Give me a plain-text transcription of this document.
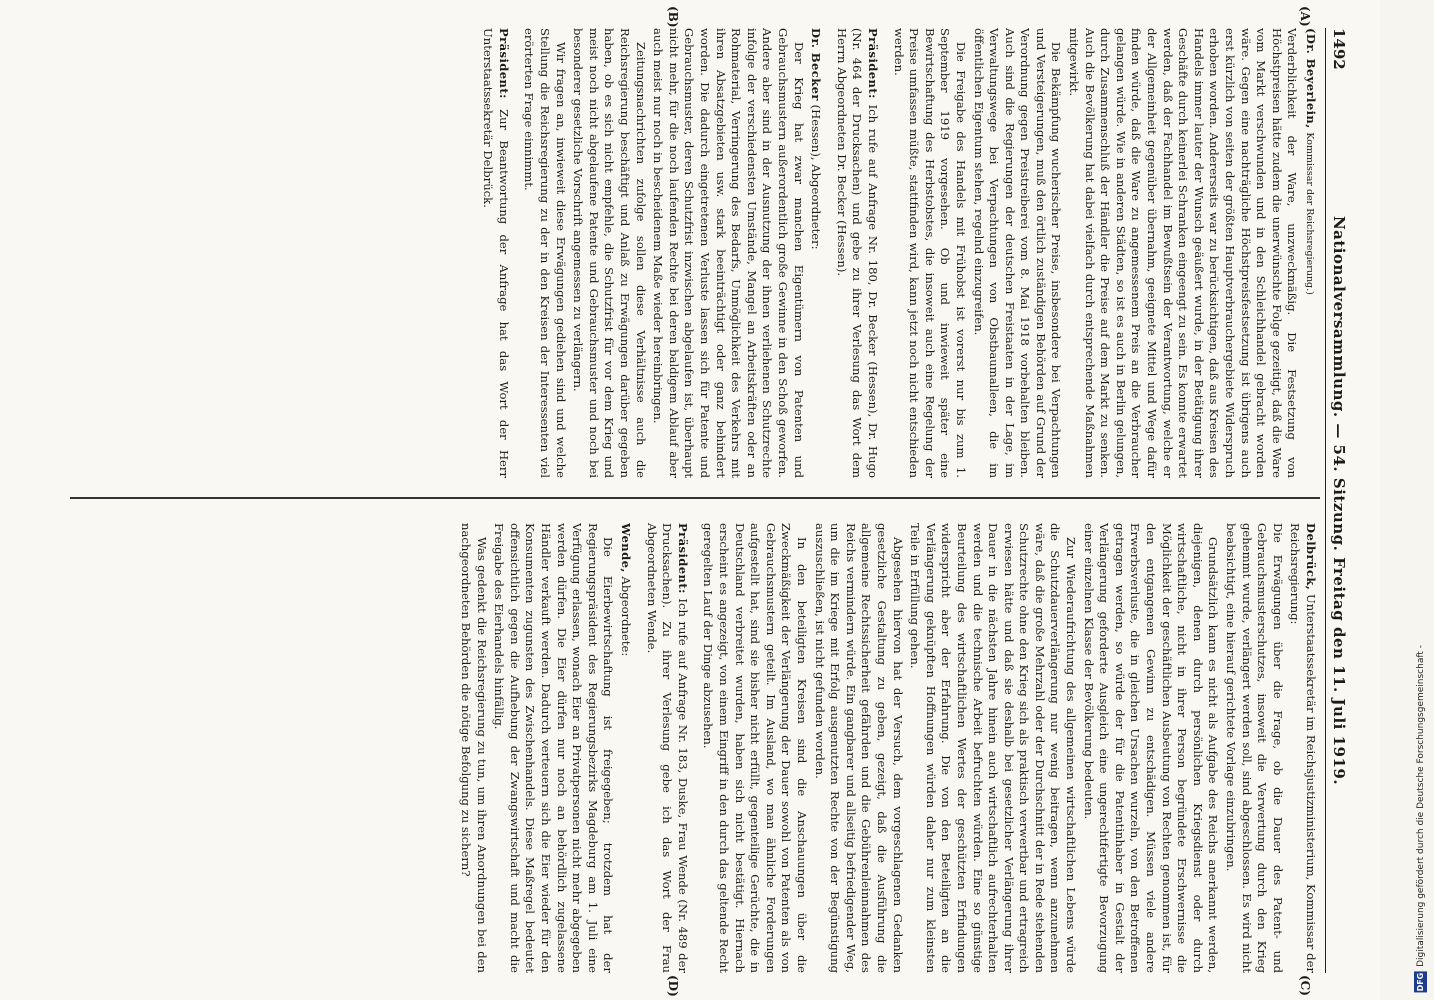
1492
Nationalversammlung. — 54. Sitzung. Freitag den 11. Juli 1919.
(A)
(B)
(C)
(D)

(Dr. Beyerlein, Kommissar der Reichsregierung.)

Verderblichkeit der Ware, unzweckmäßig. Die Festsetzung von Höchstpreisen hätte zudem die unerwünschte Folge gezeitigt, daß die Ware vom Markt verschwunden und in den Schleichhandel gebracht worden wäre. Gegen eine nachträgliche Höchstpreisfestsetzung ist übrigens auch erst kürzlich von seiten der größten Hauptverbrauchergebiete Widerspruch erhoben worden. Andererseits war zu berücksichtigen, daß aus Kreisen des Handels immer lauter der Wunsch geäußert wurde, in der Betätigung ihrer Geschäfte durch keinerlei Schranken eingeengt zu sein. Es konnte erwartet werden, daß der Fachhandel im Bewußtsein der Verantwortung, welche er der Allgemeinheit gegenüber übernahm, geeignete Mittel und Wege dafür finden würde, daß die Ware zu angemessenem Preis an die Verbraucher gelangen würde. Wie in anderen Städten, so ist es auch in Berlin gelungen, durch Zusammenschluß der Händler die Preise auf dem Markt zu senken. Auch die Bevölkerung hat dabei vielfach durch entsprechende Maßnahmen mitgewirkt.

Die Bekämpfung wucherischer Preise, insbesondere bei Verpachtungen und Versteigerungen, muß den örtlich zuständigen Behörden auf Grund der Verordnung gegen Preistreiberei vom 8. Mai 1918 vorbehalten bleiben. Auch sind die Regierungen der deutschen Freistaaten in der Lage, im Verwaltungswege bei Verpachtungen von Obstbaumalleen, die im öffentlichen Eigentum stehen, regelnd einzugreifen.

Die Freigabe des Handels mit Frühobst ist vorerst nur bis zum 1. September 1919 vorgesehen. Ob und inwieweit später eine Bewirtschaftung des Herbstobstes, die insoweit auch eine Regelung der Preise umfassen müßte, stattfinden wird, kann jetzt noch nicht entschieden werden.

Präsident: Ich rufe auf Anfrage Nr. 180, Dr. Becker (Hessen), Dr. Hugo (Nr. 464 der Drucksachen) und gebe zu ihrer Verlesung das Wort dem Herrn Abgeordneten Dr. Becker (Hessen).

Dr. Becker (Hessen), Abgeordneter:

Der Krieg hat zwar manchen Eigentümern von Patenten und Gebrauchsmustern außerordentlich große Gewinne in den Schoß geworfen. Andere aber sind in der Ausnutzung der ihnen verliehenen Schutzrechte infolge der verschiedensten Umstände, Mangel an Arbeitskräften oder an Rohmaterial, Verringerung des Bedarfs, Unmöglichkeit des Verkehrs mit ihren Absatzgebieten usw. stark beeinträchtigt oder ganz behindert worden. Die dadurch eingetretenen Verluste lassen sich für Patente und Gebrauchsmuster, deren Schutzfrist inzwischen abgelaufen ist, überhaupt nicht mehr, für die noch laufenden Rechte bei deren baldigem Ablauf aber auch meist nur noch in bescheidenem Maße wieder hereinbringen.

Zeitungsnachrichten zufolge sollen diese Verhältnisse auch die Reichsregierung beschäftigt und Anlaß zu Erwägungen darüber gegeben haben, ob es sich nicht empfehle, die Schutzfrist für vor dem Krieg und meist noch nicht abgelaufene Patente und Gebrauchsmuster und noch bei besonderer gesetzliche Vorschrift angemessen zu verlängern.

Wir fragen an, inwieweit diese Erwägungen gediehen sind und welche Stellung die Reichsregierung zu der in den Kreisen der Interessenten viel erörterten Frage einnimmt.

Präsident: Zur Beantwortung der Anfrage hat das Wort der Herr Unterstaatssekretär Delbrück.

Delbrück, Unterstaatssekretär im Reichsjustizministerium, Kommissar der Reichsregierung:

Die Erwägungen über die Frage, ob die Dauer des Patent- und Gebrauchsmusterschutzes, insoweit die Verwertung durch den Krieg gehemmt wurde, verlängert werden soll, sind abgeschlossen. Es wird nicht beabsichtigt, eine hierauf gerichtete Vorlage einzubringen.

Grundsätzlich kann es nicht als Aufgabe des Reichs anerkannt werden, diejenigen, denen durch persönlichen Kriegsdienst oder durch wirtschaftliche, nicht in ihrer Person begründete Erschwernisse die Möglichkeit der geschäftlichen Ausbeutung von Rechten genommen ist, für den entgangenen Gewinn zu entschädigen. Müssen viele andere Erwerbsverluste, die in gleichen Ursachen wurzeln, von den Betroffenen getragen werden, so würde der für die Patentinhaber in Gestalt der Verlängerung geforderte Ausgleich eine ungerechtfertigte Bevorzugung einer einzelnen Klasse der Bevölkerung bedeuten.

Zur Wiederaufrichtung des allgemeinen wirtschaftlichen Lebens würde die Schutzdauerverlängerung nur wenig beitragen, wenn anzunehmen wäre, daß die große Mehrzahl oder der Durchschnitt der in Rede stehenden Schutzrechte ohne den Krieg sich als praktisch verwertbar und ertragreich erwiesen hätte und daß sie deshalb bei gesetzlicher Verlängerung ihrer Dauer in die nächsten Jahre hinein auch wirtschaftlich aufrechterhalten werden und die technische Arbeit befruchten würden. Eine so günstige Beurteilung des wirtschaftlichen Wertes der geschützten Erfindungen widerspricht aber der Erfahrung. Die von den Beteiligten an die Verlängerung geknüpften Hoffnungen würden daher nur zum kleinsten Teile in Erfüllung gehen.

Abgesehen hiervon hat der Versuch, dem vorgeschlagenen Gedanken gesetzliche Gestaltung zu geben, gezeigt, daß die Ausführung die allgemeine Rechtssicherheit gefährden und die Gebührenleinnahmen des Reichs vermindern würde. Ein gangbarer und allseitig befriedigender Weg, um die im Kriege mit Erfolg ausgenutzten Rechte von der Begünstigung auszuschließen, ist nicht gefunden worden.

In den beteiligten Kreisen sind die Anschauungen über die Zweckmäßigkeit der Verlängerung der Dauer sowohl von Patenten als von Gebrauchsmustern geteilt. Im Ausland, wo man ähnliche Forderungen aufgestellt hat, sind sie bisher nicht erfüllt, gegenteilige Gerüchte, die in Deutschland verbreitet wurden, haben sich nicht bestätigt. Hiernach erscheint es angezeigt, von einem Eingriff in den durch das geltende Recht geregelten Lauf der Dinge abzusehen.

Präsident: Ich rufe auf Anfrage Nr. 183, Duske, Frau Wende (Nr. 489 der Drucksachen). Zu ihrer Verlesung gebe ich das Wort der Frau Abgeordneten Wende.

Wende, Abgeordnete:

Die Eierbewirtschaftung ist freigegeben; trotzdem hat der Regierungspräsident des Regierungsbezirks Magdeburg am 1. Juli eine Verfügung erlassen, wonach Eier an Privatpersonen nicht mehr abgegeben werden dürfen. Die Eier dürfen nur noch an behördlich zugelassene Händler verkauft werden. Dadurch verteuern sich die Eier wieder für den Konsumenten zugunsten des Zwischenhandels. Diese Maßregel bedeutet offensichtlich gegen die Aufhebung der Zwangswirtschaft und macht die Freigabe des Eierhandels hinfällig.

Was gedenkt die Reichsregierung zu tun, um ihren Anordnungen bei den nachgeordneten Behörden die nötige Befolgung zu sichern?

DFG Digitalisierung gefördert durch die Deutsche Forschungsgemeinschaft -
